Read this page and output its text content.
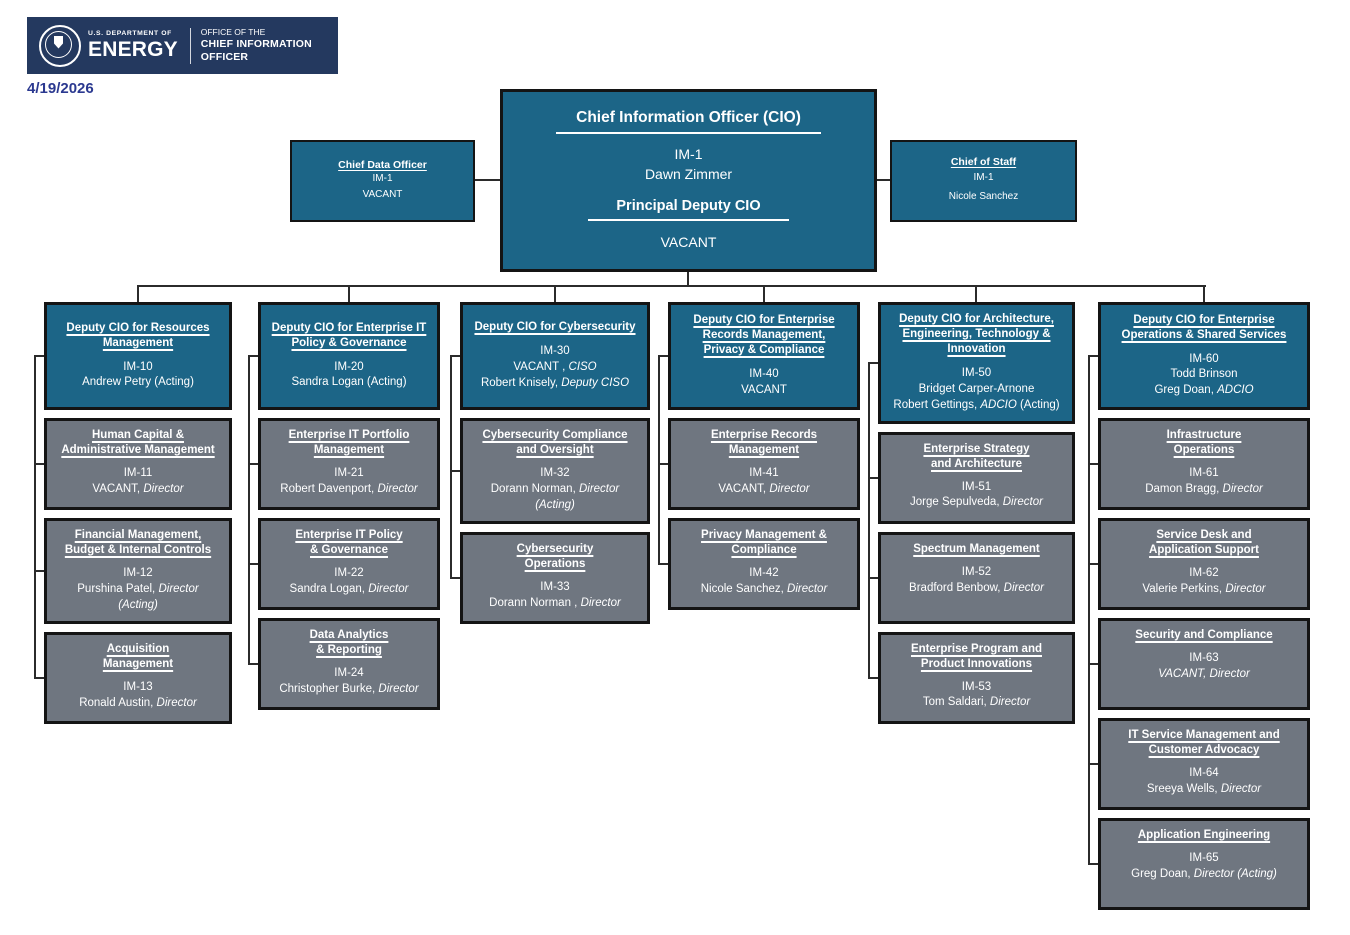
U.S. DEPARTMENT OF
ENERGY
OFFICE OF THE
CHIEF INFORMATION OFFICER
4/19/2026
Chief Information Officer (CIO)
IM-1
Dawn Zimmer
Principal Deputy CIO
VACANT
Chief Data Officer
IM-1
VACANT
Chief of Staff
IM-1
Nicole Sanchez
Deputy CIO for Resources
Management
IM-10
Andrew Petry (Acting)
Human Capital &
Administrative Management
IM-11
VACANT, Director
Financial Management,
Budget & Internal Controls
IM-12
Purshina Patel, Director
(Acting)
Acquisition
Management
IM-13
Ronald Austin, Director
Deputy CIO for Enterprise IT
Policy & Governance
IM-20
Sandra Logan (Acting)
Enterprise IT Portfolio
Management
IM-21
Robert Davenport, Director
Enterprise IT Policy
& Governance
IM-22
Sandra Logan, Director
Data Analytics
& Reporting
IM-24
Christopher Burke, Director
Deputy CIO for Cybersecurity
IM-30
VACANT , CISO
Robert Knisely, Deputy CISO
Cybersecurity Compliance
and Oversight
IM-32
Dorann Norman, Director
(Acting)
Cybersecurity
Operations
IM-33
Dorann Norman , Director
Deputy CIO for Enterprise
Records Management,
Privacy & Compliance
IM-40
VACANT
Enterprise Records
Management
IM-41
VACANT, Director
Privacy Management &
Compliance
IM-42
Nicole Sanchez, Director
Deputy CIO for Architecture,
Engineering, Technology &
Innovation
IM-50
Bridget Carper-Arnone
Robert Gettings, ADCIO (Acting)
Enterprise Strategy
and Architecture
IM-51
Jorge Sepulveda, Director
Spectrum Management
IM-52
Bradford Benbow, Director
Enterprise Program and
Product Innovations
IM-53
Tom Saldari, Director
Deputy CIO for Enterprise
Operations & Shared Services
IM-60
Todd Brinson
Greg Doan, ADCIO
Infrastructure
Operations
IM-61
Damon Bragg, Director
Service Desk and
Application Support
IM-62
Valerie Perkins, Director
Security and Compliance
IM-63
VACANT, Director
IT Service Management and
Customer Advocacy
IM-64
Sreeya Wells, Director
Application Engineering
IM-65
Greg Doan, Director (Acting)
